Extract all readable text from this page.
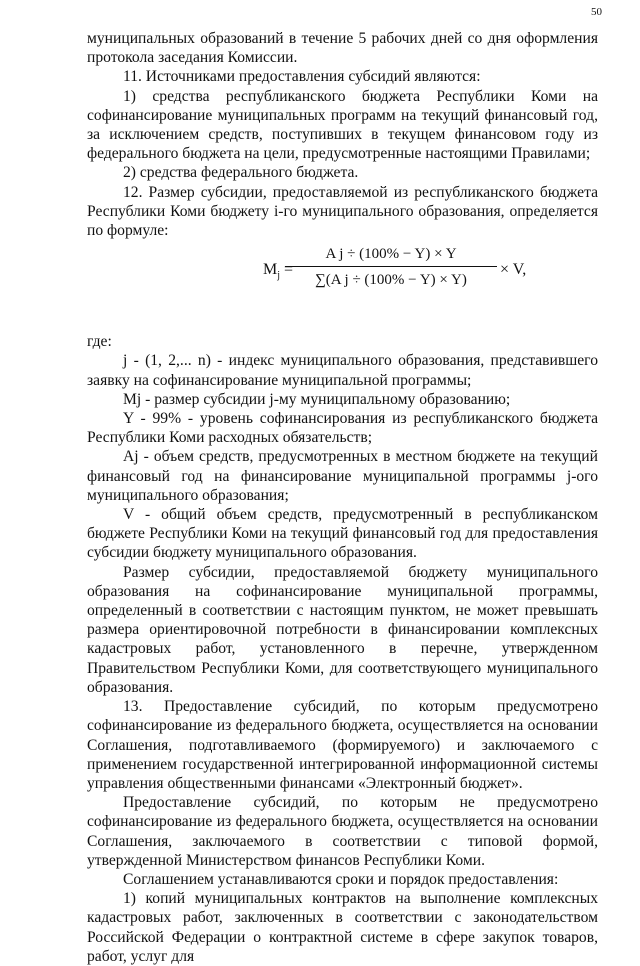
50

муниципальных образований в течение 5 рабочих дней со дня оформления протокола заседания Комиссии.

11. Источниками предоставления субсидий являются:

1) средства республиканского бюджета Республики Коми на софинансирование муниципальных программ на текущий финансовый год, за исключением средств, поступивших в текущем финансовом году из федерального бюджета на цели, предусмотренные настоящими Правилами;

2) средства федерального бюджета.

12. Размер субсидии, предоставляемой из республиканского бюджета Республики Коми бюджету i-го муниципального образования, определяется по формуле:

$M_j$ =
A j ÷ (100% − Y) × Y
∑(A j ÷ (100% − Y) × Y)
× V,

где:

j - (1, 2,... n) - индекс муниципального образования, представившего заявку на софинансирование муниципальной программы;

Mj - размер субсидии j-му муниципальному образованию;

Y - 99% - уровень софинансирования из республиканского бюджета Республики Коми расходных обязательств;

Aj - объем средств, предусмотренных в местном бюджете на текущий финансовый год на финансирование муниципальной программы j-ого муниципального образования;

V - общий объем средств, предусмотренный в республиканском бюджете Республики Коми на текущий финансовый год для предоставления субсидии бюджету муниципального образования.

Размер субсидии, предоставляемой бюджету муниципального образования на софинансирование муниципальной программы, определенный в соответствии с настоящим пунктом, не может превышать размера ориентировочной потребности в финансировании комплексных кадастровых работ, установленного в перечне, утвержденном Правительством Республики Коми, для соответствующего муниципального образования.

13. Предоставление субсидий, по которым предусмотрено софинансирование из федерального бюджета, осуществляется на основании Соглашения, подготавливаемого (формируемого) и заключаемого с применением государственной интегрированной информационной системы управления общественными финансами «Электронный бюджет».

Предоставление субсидий, по которым не предусмотрено софинансирование из федерального бюджета, осуществляется на основании Соглашения, заключаемого в соответствии с типовой формой, утвержденной Министерством финансов Республики Коми.

Соглашением устанавливаются сроки и порядок предоставления:

1) копий муниципальных контрактов на выполнение комплексных кадастровых работ, заключенных в соответствии с законодательством Российской Федерации о контрактной системе в сфере закупок товаров, работ, услуг для
